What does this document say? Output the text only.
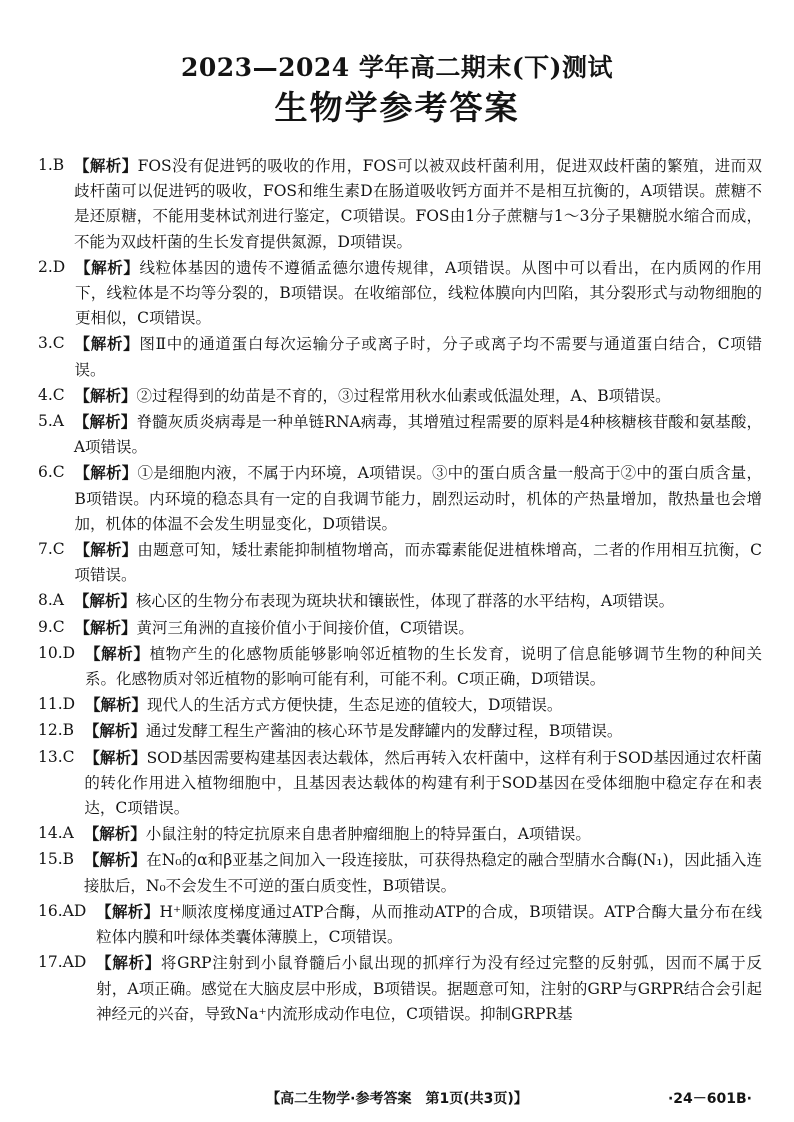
2023—2024 学年高二期末(下)测试
生物学参考答案
1.B 【解析】FOS没有促进钙的吸收的作用，FOS可以被双歧杆菌利用，促进双歧杆菌的繁殖，进而双歧杆菌可以促进钙的吸收，FOS和维生素D在肠道吸收钙方面并不是相互抗衡的，A项错误。蔗糖不是还原糖，不能用斐林试剂进行鉴定，C项错误。FOS由1分子蔗糖与1～3分子果糖脱水缩合而成，不能为双歧杆菌的生长发育提供氮源，D项错误。
2.D 【解析】线粒体基因的遗传不遵循孟德尔遗传规律，A项错误。从图中可以看出，在内质网的作用下，线粒体是不均等分裂的，B项错误。在收缩部位，线粒体膜向内凹陷，其分裂形式与动物细胞的更相似，C项错误。
3.C 【解析】图Ⅱ中的通道蛋白每次运输分子或离子时，分子或离子均不需要与通道蛋白结合，C项错误。
4.C 【解析】②过程得到的幼苗是不育的，③过程常用秋水仙素或低温处理，A、B项错误。
5.A 【解析】脊髓灰质炎病毒是一种单链RNA病毒，其增殖过程需要的原料是4种核糖核苷酸和氨基酸，A项错误。
6.C 【解析】①是细胞内液，不属于内环境，A项错误。③中的蛋白质含量一般高于②中的蛋白质含量，B项错误。内环境的稳态具有一定的自我调节能力，剧烈运动时，机体的产热量增加，散热量也会增加，机体的体温不会发生明显变化，D项错误。
7.C 【解析】由题意可知，矮壮素能抑制植物增高，而赤霉素能促进植株增高，二者的作用相互抗衡，C项错误。
8.A 【解析】核心区的生物分布表现为斑块状和镶嵌性，体现了群落的水平结构，A项错误。
9.C 【解析】黄河三角洲的直接价值小于间接价值，C项错误。
10.D 【解析】植物产生的化感物质能够影响邻近植物的生长发育，说明了信息能够调节生物的种间关系。化感物质对邻近植物的影响可能有利，可能不利。C项正确，D项错误。
11.D 【解析】现代人的生活方式方便快捷，生态足迹的值较大，D项错误。
12.B 【解析】通过发酵工程生产酱油的核心环节是发酵罐内的发酵过程，B项错误。
13.C 【解析】SOD基因需要构建基因表达载体，然后再转入农杆菌中，这样有利于SOD基因通过农杆菌的转化作用进入植物细胞中，且基因表达载体的构建有利于SOD基因在受体细胞中稳定存在和表达，C项错误。
14.A 【解析】小鼠注射的特定抗原来自患者肿瘤细胞上的特异蛋白，A项错误。
15.B 【解析】在N₀的α和β亚基之间加入一段连接肽，可获得热稳定的融合型腈水合酶(N₁)，因此插入连接肽后，N₀不会发生不可逆的蛋白质变性，B项错误。
16.AD 【解析】H⁺顺浓度梯度通过ATP合酶，从而推动ATP的合成，B项错误。ATP合酶大量分布在线粒体内膜和叶绿体类囊体薄膜上，C项错误。
17.AD 【解析】将GRP注射到小鼠脊髓后小鼠出现的抓痒行为没有经过完整的反射弧，因而不属于反射，A项正确。感觉在大脑皮层中形成，B项错误。据题意可知，注射的GRP与GRPR结合会引起神经元的兴奋，导致Na⁺内流形成动作电位，C项错误。抑制GRPR基
【高二生物学·参考答案　第1页(共3页)】	·24－601B·
